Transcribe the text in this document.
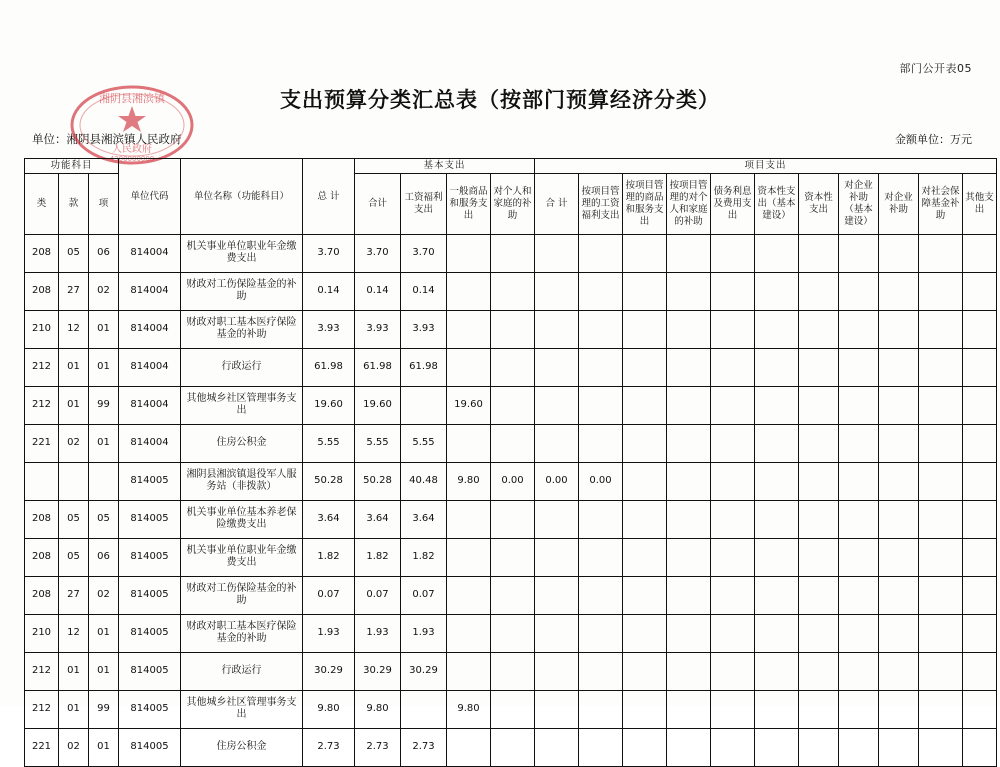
部门公开表05
支出预算分类汇总表（按部门预算经济分类）
单位：湘阴县湘滨镇人民政府	金额单位：万元
湘阴县湘滨镇
人民政府
4300000000
功能科目			单位代码	单位名称（功能科目）	总 计	基本支出				项目支出										
类	款	项				合计	工资福利支出	一般商品和服务支出	对个人和家庭的补助	合 计	按项目管理的工资福利支出	按项目管理的商品和服务支出	按项目管理的对个人和家庭的补助	债务利息及费用支出	资本性支出（基本建设）	资本性支出	对企业补助（基本建设）	对企业补助	对社会保障基金补助	其他支出
208	05	06	814004	机关事业单位职业年金缴费支出	3.70	3.70	3.70													
208	27	02	814004	财政对工伤保险基金的补助	0.14	0.14	0.14													
210	12	01	814004	财政对职工基本医疗保险基金的补助	3.93	3.93	3.93													
212	01	01	814004	行政运行	61.98	61.98	61.98													
212	01	99	814004	其他城乡社区管理事务支出	19.60	19.60		19.60												
221	02	01	814004	住房公积金	5.55	5.55	5.55													
			814005	湘阴县湘滨镇退役军人服务站（非拨款）	50.28	50.28	40.48	9.80	0.00	0.00	0.00									
208	05	05	814005	机关事业单位基本养老保险缴费支出	3.64	3.64	3.64													
208	05	06	814005	机关事业单位职业年金缴费支出	1.82	1.82	1.82													
208	27	02	814005	财政对工伤保险基金的补助	0.07	0.07	0.07													
210	12	01	814005	财政对职工基本医疗保险基金的补助	1.93	1.93	1.93													
212	01	01	814005	行政运行	30.29	30.29	30.29													
212	01	99	814005	其他城乡社区管理事务支出	9.80	9.80		9.80												
221	02	01	814005	住房公积金	2.73	2.73	2.73													
